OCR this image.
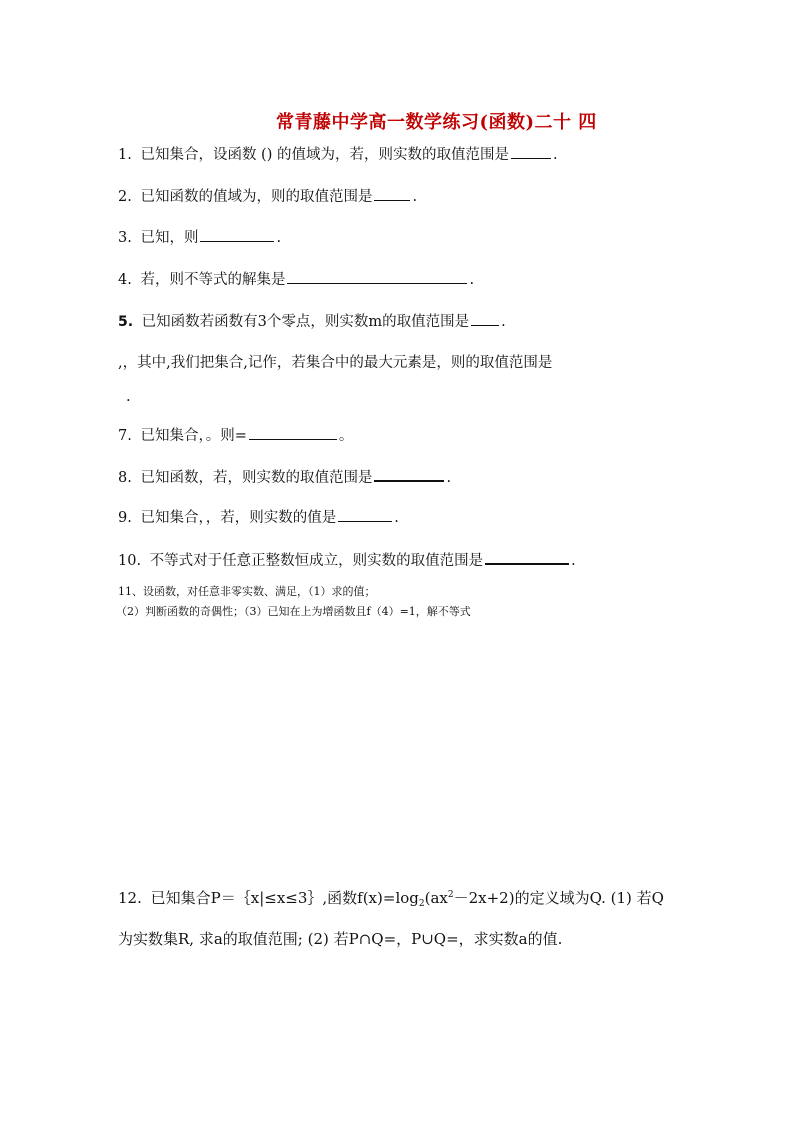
常青藤中学高一数学练习(函数)二十 四
1. 已知集合，设函数 () 的值域为，若，则实数的取值范围是	.
2. 已知函数的值域为，则的取值范围是	.
3. 已知，则	.
4. 若，则不等式的解集是	.
5. 已知函数若函数有3个零点，则实数m的取值范围是 .
,，其中,我们把集合,记作，若集合中的最大元素是，则的取值范围是
.
7. 已知集合，。则=	。
8. 已知函数，若，则实数的取值范围是	.
9. 已知集合，，若，则实数的值是	.
10. 不等式对于任意正整数恒成立，则实数的取值范围是	.
11、设函数，对任意非零实数、满足，（1）求的值；
（2）判断函数的奇偶性；（3）已知在上为增函数且f（4）=1，解不等式
12. 已知集合P＝｛x|≤x≤3｝,函数$f(x)=\log_2(ax^2-2x+2)$的定义域为Q. (1) 若Q
为实数集R, 求a的取值范围; (2) 若P∩Q=，P∪Q=，求实数a的值.
